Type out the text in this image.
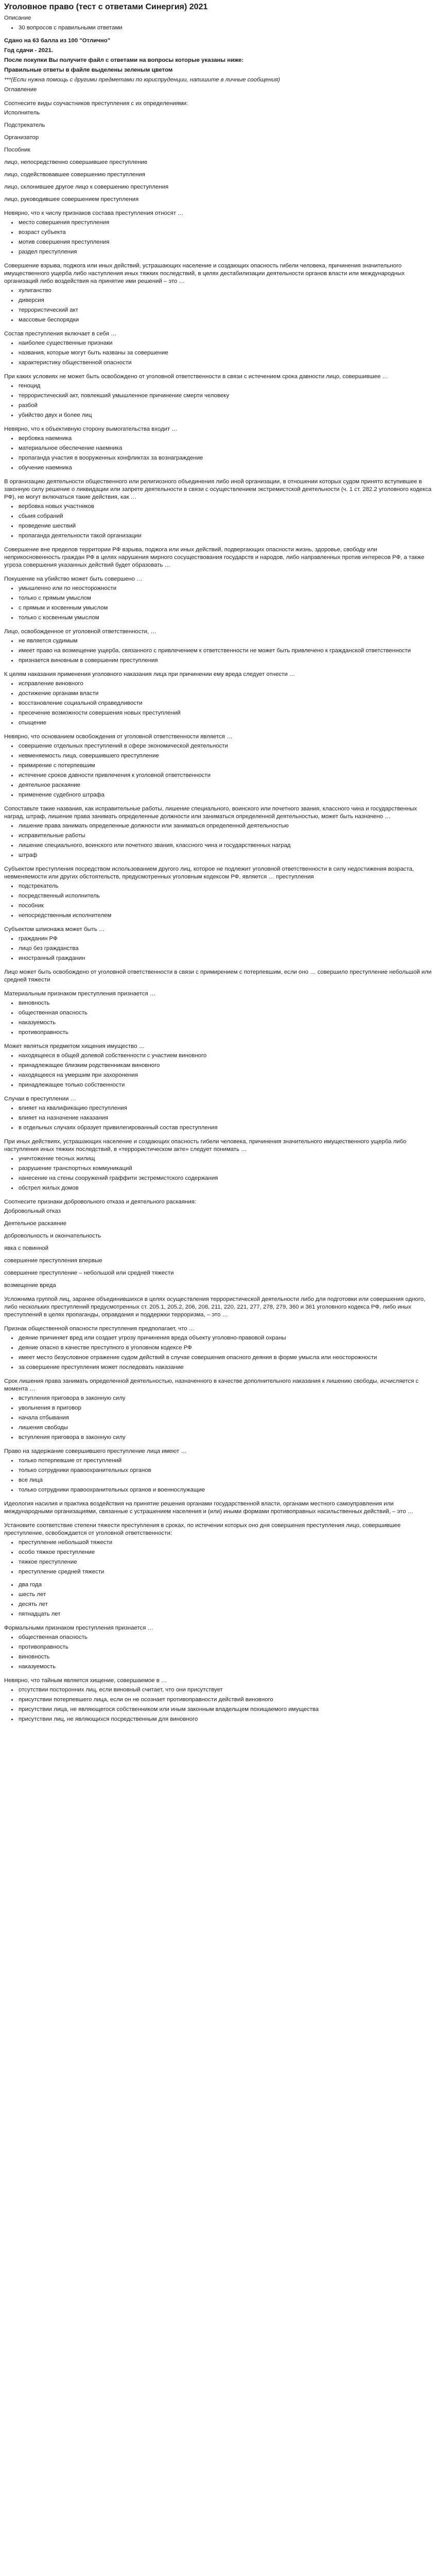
Уголовное право (тест с ответами Синергия) 2021
Описание
• 30 вопросов с правильными ответами
Сдано на 63 балла из 100 "Отлично"
Год сдачи - 2021.
После покупки Вы получите файл с ответами на вопросы которые указаны ниже:
Правильные ответы в файле выделены зеленым цветом
***(Если нужна помощь с другими предметами по юриспруденции, напишите в личные сообщения)
Оглавление
Соотнесите виды соучастников преступления с их определениями:
Исполнитель
Подстрекатель
Организатор
Пособник
лицо, непосредственно совершившее преступление
лицо, содействовавшее совершению преступления
лицо, склонившее другое лицо к совершению преступления
лицо, руководившее совершением преступления
Невярно, что к числу признаков состава преступления относят …
• место совершения преступления
• возраст субъекта
• мотив совершения преступления
• раздел преступления
Совершение взрыва, поджога или иных действий, устрашающих население и создающих опасность гибели человека, причинения значительного имущественного ущерба либо наступления иных тяжких последствий, в целях дестабилизации деятельности органов власти или международных организаций либо воздействия на принятие ими решений – это …
• хулиганство
• диверсия
• террористический акт
• массовые беспорядки
Состав преступления включает в себя …
• наиболее существенные признаки
• названия, которые могут быть названы за совершение
• характеристику общественной опасности
При каких условиях не может быть освобождено от уголовной ответственности в связи с истечением срока давности лицо, совершившее …
• геноцид
• террористический акт, повлекший умышленное причинение смерти человеку
• разбой
• убийство двух и более лиц
Невярно, что к объективную сторону вымогательства входит …
• вербовка наемника
• материальное обеспечение наемника
• пропаганда участия в вооруженных конфликтах за вознаграждение
• обучение наемника
В организацию деятельности общественного или религиозного объединения либо иной организации, в отношении которых судом принято вступившее в законную силу решение о ликвидации или запрете деятельности в связи с осуществлением экстремистской деятельности (ч. 1 ст. 282.2 уголовного кодекса РФ), не могут включаться такие действия, как …
• вербовка новых участников
• сбыия собраний
• проведение шествий
• пропаганда деятельности такой организации
Совершение вне пределов территории РФ взрыва, поджога или иных действий, подвергающих опасности жизнь, здоровье, свободу или неприкосновенность граждан РФ в целях нарушения мирного сосуществования государств и народов, либо направленных против интересов РФ, а также угроза совершения указанных действий будет образовать …
Покушение на убийство может быть совершено …
• умышленно или по неосторожности
• только с прямым умыслом
• с прямым и косвенным умыслом
• только с косвенным умыслом
Лицо, освобожденное от уголовной ответственности, …
• не является судимым
• имеет право на возмещение ущерба, связанного с привлечением к ответственности не может быть привлечено к гражданской ответственности
• признается виновным в совершении преступления
К целям наказания применения уголовного наказания лица при причинении ему вреда следует отнести …
• исправление виновного
• достижение органами власти
• восстановление социальной справедливости
• пресечение возможности совершения новых преступлений
• отыщение
Невярно, что основанием освобождения от уголовной ответственности является …
• совершение отдельных преступлений в сфере экономической деятельности
• невменяемость лица, совершившего преступление
• примирение с потерпевшим
• истечение сроков давности привлечения к уголовной ответственности
• деятельное раскаяние
• применение судебного штрафа
Сопоставьте такие названия, как исправительные работы, лишение специального, воинского или почетного звания, классного чина и государственных наград, штраф, лишение права занимать определенные должности или заниматься определенной деятельностью, может быть назначено …
• лишение права занимать определенные должности или заниматься определенной деятельностью
• исправительные работы
• лишение специального, воинского или почетного звания, классного чина и государственных наград
• штраф
Субъектом преступления посредством использованием другого лиц, которое не подлежит уголовной ответственности в силу недостижения возраста, невменяемости или других обстоятельств, предусмотренных уголовным кодексом РФ, является … преступления
• подстрекатель
• посредственный исполнитель
• пособник
• непосредственным исполнителем
Субъектом шпионажа может быть …
• гражданин РФ
• лицо без гражданства
• иностранный гражданин
Лицо может быть освобождено от уголовной ответственности в связи с примирением с потерпевшим, если оно … совершило преступление небольшой или средней тяжести
Материальным признаком преступления признается …
• виновность
• общественная опасность
• наказуемость
• противоправность
Может являться предметом хищения имущество …
• находящееся в общей долевой собственности с участием виновного
• принадлежащее близким родственникам виновного
• находящееся на умершим при захоронения
• принадлежащее только собственности
Случаи в преступлении …
• влияет на квалификацию преступления
• влияет на назначение наказания
• в отдельных случаях образует привилегированный состав преступления
При иных действиях, устрашающих население и создающих опасность гибели человека, причинения значительного имущественного ущерба либо наступления иных тяжких последствий, в «террористическом акте» следует понимать …
• уничтожение тесных жилищ
• разрушение транспортных коммуникаций
• нанесение на стены сооружений граффити экстремистского содержания
• обстрел жилых домов
Соотнесите признаки добровольного отказа и деятельного раскаяния:
Добровольный отказ
Деятельное раскаяние
добровольность и окончательность
явка с повинной
совершение преступления впервые
совершение преступление – небольшой или средней тяжести
возмещение вреда
Усложнима группой лиц, заранее объединившихся в целях осуществления террористической деятельности либо для подготовки или совершения одного, либо нескольких преступлений предусмотренных ст. 205.1, 205.2, 206, 208, 211, 220, 221, 277, 278, 279, 360 и 361 уголовного кодекса РФ, либо иных преступлений в целях пропаганды, оправдания и поддержки терроризма, – это …
Признак общественной опасности преступления предполагает, что …
• деяние причиняет вред или создает угрозу причинения вреда объекту уголовно-правовой охраны
• деяние опасно в качестве преступного в уголовном кодексе РФ
• имеет место безусловное отражение судом действий в случае совершения опасного деяния в форме умысла или неосторожности
• за совершение преступления может последовать наказание
Срок лишения права занимать определенной деятельностью, назначенного в качестве дополнительного наказания к лишению свободы, исчисляется с момента …
• вступления приговора в законную силу
• увольнения в приговор
• начала отбывания
• лишения свободы
• вступления приговора в законную силу
Право на задержание совершившего преступление лица имеют …
• только потерпевшие от преступлений
• только сотрудники правоохранительных органов
• все лица
• только сотрудники правоохранительных органов и военнослужащие
Идеология насилия и практика воздействия на принятие решения органами государственной власти, органами местного самоуправления или международными организациями, связанные с устрашением населения и (или) иными формами противоправных насильственных действий, – это …
Установите соответствие степени тяжести преступления в сроках, по истечении которых оно дня совершения преступления лицо, совершившее преступление, освобождается от уголовной ответственности:
• преступление небольшой тяжести
• особо тяжкое преступление
• тяжкое преступление
• преступление средней тяжести
• два года
• шесть лет
• десять лет
• пятнадцать лет
Формальными признаком преступления признается …
• общественная опасность
• противоправность
• виновность
• наказуемость
Невярно, что тайным является хищение, совершаемое в …
• отсутствии посторонних лиц, если виновный считает, что они присутствует
• присутствии потерпевшего лица, если он не осознает противоправности действий виновного
• присутствии лица, не являющегося собственником или иным законным владельцем похищаемого имущества
• присутствии лиц, не являющихся посредственным для виновного
